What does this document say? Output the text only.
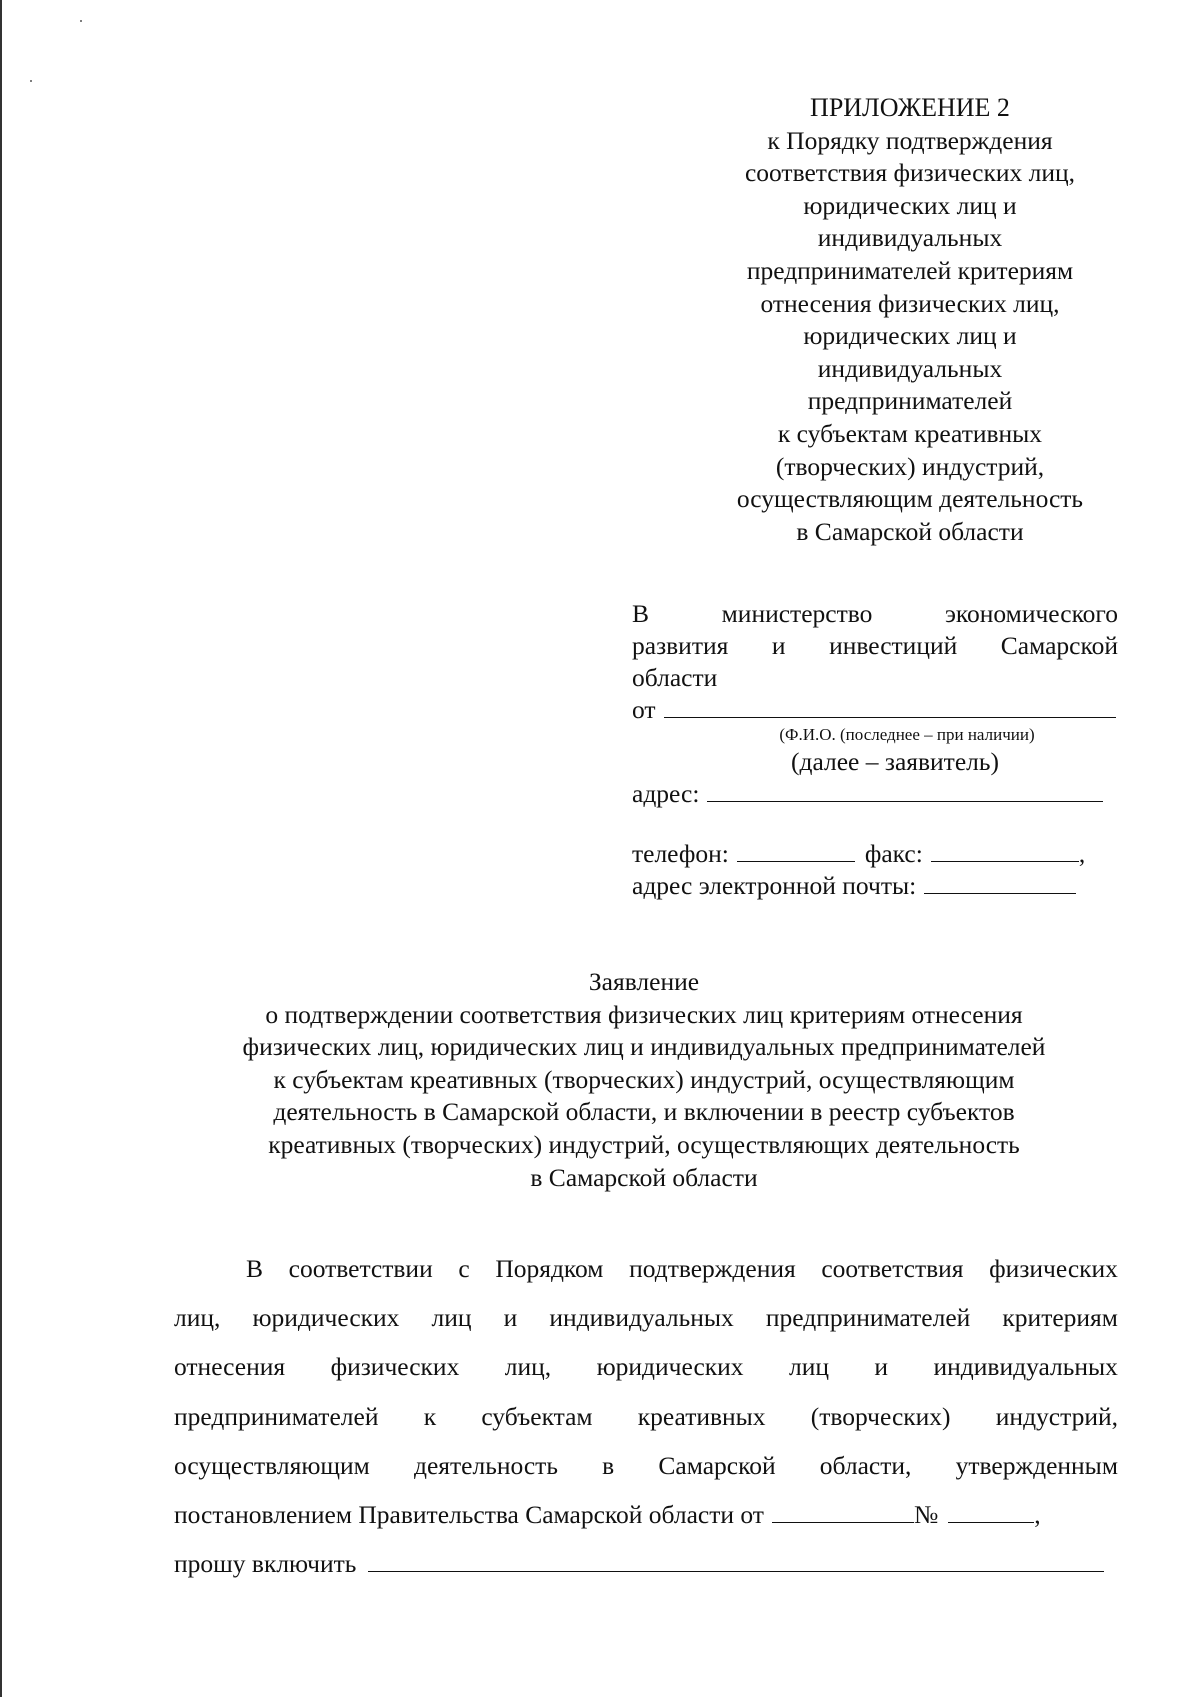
ПРИЛОЖЕНИЕ 2
к Порядку подтверждения
соответствия физических лиц,
юридических лиц и
индивидуальных
предпринимателей критериям
отнесения физических лиц,
юридических лиц и
индивидуальных
предпринимателей
к субъектам креативных
(творческих) индустрий,
осуществляющим деятельность
в Самарской области
В	министерство	экономического
развития и инвестиций Самарской
области
от
(Ф.И.О. (последнее – при наличии)
(далее – заявитель)
адрес:
телефон:	факс:	,
адрес электронной почты:
Заявление
о подтверждении соответствия физических лиц критериям отнесения
физических лиц, юридических лиц и индивидуальных предпринимателей
к субъектам креативных (творческих) индустрий, осуществляющим
деятельность в Самарской области, и включении в реестр субъектов
креативных (творческих) индустрий, осуществляющих деятельность
в Самарской области
В соответствии с Порядком подтверждения соответствия физических
лиц, юридических лиц и индивидуальных предпринимателей критериям
отнесения физических лиц, юридических лиц и индивидуальных
предпринимателей к субъектам креативных (творческих) индустрий,
осуществляющим деятельность в Самарской области, утвержденным
постановлением Правительства Самарской области от	№	,
прошу включить
